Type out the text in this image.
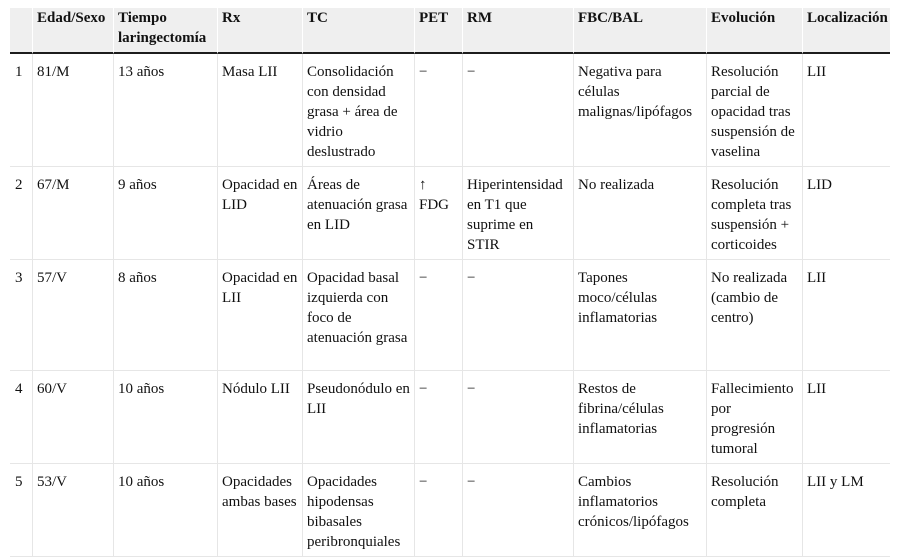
	Edad/Sexo	Tiempo laringectomía	Rx	TC	PET	RM	FBC/BAL	Evolución	Localización
1	81/M	13 años	Masa LII	Consolidación con densidad grasa + área de vidrio deslustrado	−	−	Negativa para células malignas/lipófagos	Resolución parcial de opacidad tras suspensión de vaselina	LII
2	67/M	9 años	Opacidad en LID	Áreas de atenuación grasa en LID	↑ FDG	Hiperintensidad en T1 que suprime en STIR	No realizada	Resolución completa tras suspensión + corticoides	LID
3	57/V	8 años	Opacidad en LII	Opacidad basal izquierda con foco de atenuación grasa	−	−	Tapones moco/células inflamatorias	No realizada (cambio de centro)	LII
4	60/V	10 años	Nódulo LII	Pseudonódulo en LII	−	−	Restos de fibrina/células inflamatorias	Fallecimiento por progresión tumoral	LII
5	53/V	10 años	Opacidades ambas bases	Opacidades hipodensas bibasales peribronquiales	−	−	Cambios inflamatorios crónicos/lipófagos	Resolución completa	LII y LM
